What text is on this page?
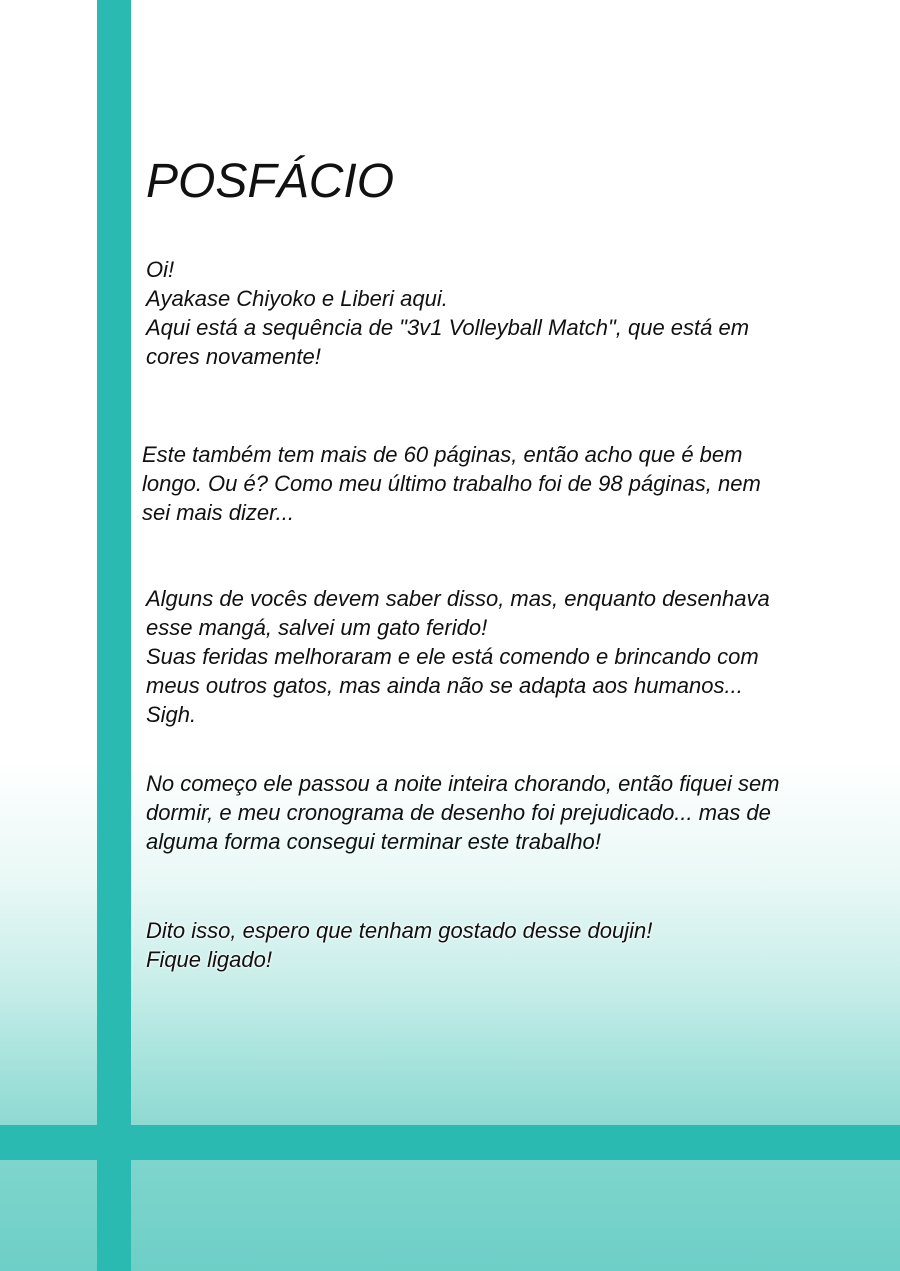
POSFÁCIO

Oi!
Ayakase Chiyoko e Liberi aqui.
Aqui está a sequência de "3v1 Volleyball Match", que está em
cores novamente!

Este também tem mais de 60 páginas, então acho que é bem
longo. Ou é? Como meu último trabalho foi de 98 páginas, nem
sei mais dizer...

Alguns de vocês devem saber disso, mas, enquanto desenhava
esse mangá, salvei um gato ferido!
Suas feridas melhoraram e ele está comendo e brincando com
meus outros gatos, mas ainda não se adapta aos humanos...
Sigh.

No começo ele passou a noite inteira chorando, então fiquei sem
dormir, e meu cronograma de desenho foi prejudicado... mas de
alguma forma consegui terminar este trabalho!

Dito isso, espero que tenham gostado desse doujin!
Fique ligado!
